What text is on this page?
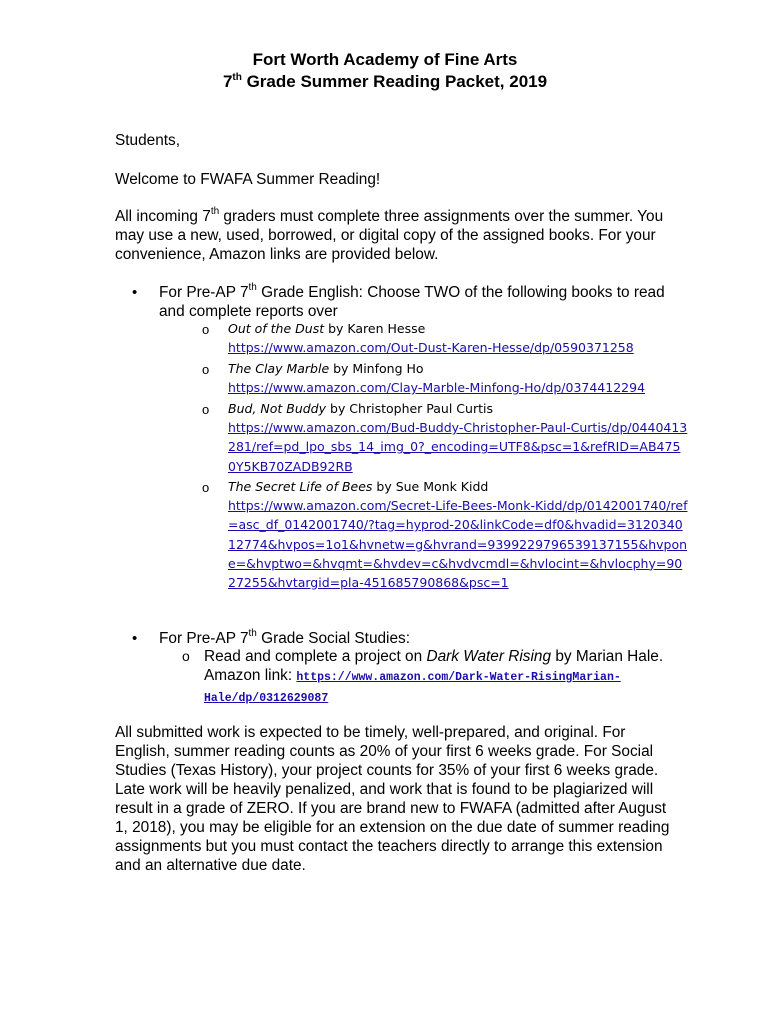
Fort Worth Academy of Fine Arts
7th Grade Summer Reading Packet, 2019
Students,
Welcome to FWAFA Summer Reading!
All incoming 7th graders must complete three assignments over the summer. You may use a new, used, borrowed, or digital copy of the assigned books. For your convenience, Amazon links are provided below.
• For Pre-AP 7th Grade English: Choose TWO of the following books to read and complete reports over
o Out of the Dust by Karen Hesse
https://www.amazon.com/Out-Dust-Karen-Hesse/dp/0590371258
o The Clay Marble by Minfong Ho
https://www.amazon.com/Clay-Marble-Minfong-Ho/dp/0374412294
o Bud, Not Buddy by Christopher Paul Curtis
https://www.amazon.com/Bud-Buddy-Christopher-Paul-Curtis/dp/0440413281/ref=pd_lpo_sbs_14_img_0?_encoding=UTF8&psc=1&refRID=AB4750Y5KB70ZADB92RB
o The Secret Life of Bees by Sue Monk Kidd
https://www.amazon.com/Secret-Life-Bees-Monk-Kidd/dp/0142001740/ref=asc_df_0142001740/?tag=hyprod-20&linkCode=df0&hvadid=312034012774&hvpos=1o1&hvnetw=g&hvrand=9399229796539137155&hvpone=&hvptwo=&hvqmt=&hvdev=c&hvdvcmdl=&hvlocint=&hvlocphy=9027255&hvtargid=pla-451685790868&psc=1
• For Pre-AP 7th Grade Social Studies:
o Read and complete a project on Dark Water Rising by Marian Hale.
Amazon link: https://www.amazon.com/Dark-Water-RisingMarian-Hale/dp/0312629087
All submitted work is expected to be timely, well-prepared, and original. For English, summer reading counts as 20% of your first 6 weeks grade. For Social Studies (Texas History), your project counts for 35% of your first 6 weeks grade. Late work will be heavily penalized, and work that is found to be plagiarized will result in a grade of ZERO. If you are brand new to FWAFA (admitted after August 1, 2018), you may be eligible for an extension on the due date of summer reading assignments but you must contact the teachers directly to arrange this extension and an alternative due date.
